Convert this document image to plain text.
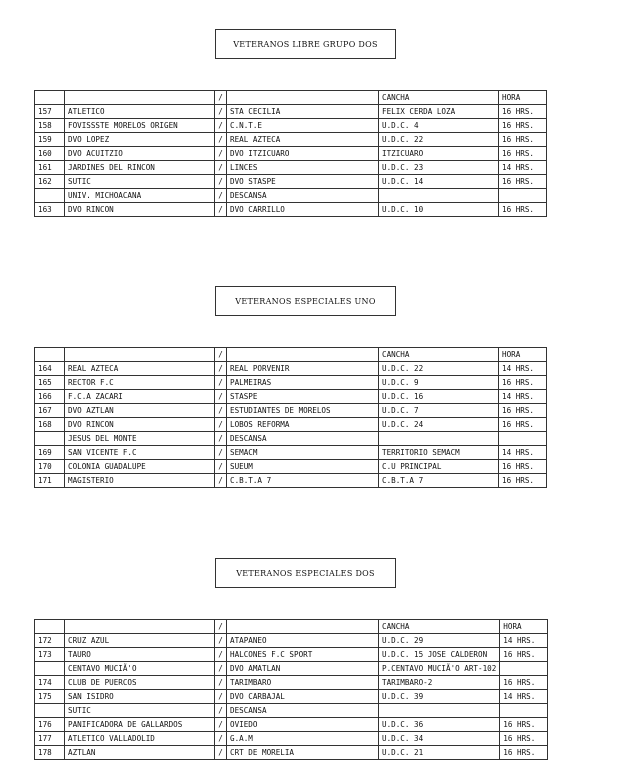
VETERANOS LIBRE GRUPO DOS
		/		CANCHA	HORA
157	ATLETICO	/	STA CECILIA	FELIX CERDA LOZA	16 HRS.
158	FOVISSSTE MORELOS ORIGEN	/	C.N.T.E	U.D.C. 4	16 HRS.
159	DVO LOPEZ	/	REAL AZTECA	U.D.C. 22	16 HRS.
160	DVO ACUITZIO	/	DVO ITZICUARO	ITZICUARO	16 HRS.
161	JARDINES DEL RINCON	/	LINCES	U.D.C. 23	14 HRS.
162	SUTIC	/	DVO STASPE	U.D.C. 14	16 HRS.
	UNIV. MICHOACANA	/	DESCANSA		
163	DVO RINCON	/	DVO CARRILLO	U.D.C. 10	16 HRS.
VETERANOS ESPECIALES UNO
		/		CANCHA	HORA
164	REAL AZTECA	/	REAL PORVENIR	U.D.C. 22	14 HRS.
165	RECTOR F.C	/	PALMEIRAS	U.D.C. 9	16 HRS.
166	F.C.A ZACARI	/	STASPE	U.D.C. 16	14 HRS.
167	DVO AZTLAN	/	ESTUDIANTES DE MORELOS	U.D.C. 7	16 HRS.
168	DVO RINCON	/	LOBOS REFORMA	U.D.C. 24	16 HRS.
	JESUS DEL MONTE	/	DESCANSA		
169	SAN VICENTE F.C	/	SEMACM	TERRITORIO SEMACM	14 HRS.
170	COLONIA GUADALUPE	/	SUEUM	C.U PRINCIPAL	16 HRS.
171	MAGISTERIO	/	C.B.T.A 7	C.B.T.A 7	16 HRS.
VETERANOS ESPECIALES DOS
		/		CANCHA	HORA
172	CRUZ AZUL	/	ATAPANEO	U.D.C. 29	14 HRS.
173	TAURO	/	HALCONES F.C SPORT	U.D.C. 15 JOSE CALDERON	16 HRS.
	CENTAVO MUCIÃ'O	/	DVO AMATLAN	P.CENTAVO MUCIÃ'O ART-102	
174	CLUB DE PUERCOS	/	TARIMBARO	TARIMBARO-2	16 HRS.
175	SAN ISIDRO	/	DVO CARBAJAL	U.D.C. 39	14 HRS.
	SUTIC	/	DESCANSA		
176	PANIFICADORA DE GALLARDOS	/	OVIEDO	U.D.C. 36	16 HRS.
177	ATLETICO VALLADOLID	/	G.A.M	U.D.C. 34	16 HRS.
178	AZTLAN	/	CRT DE MORELIA	U.D.C. 21	16 HRS.
